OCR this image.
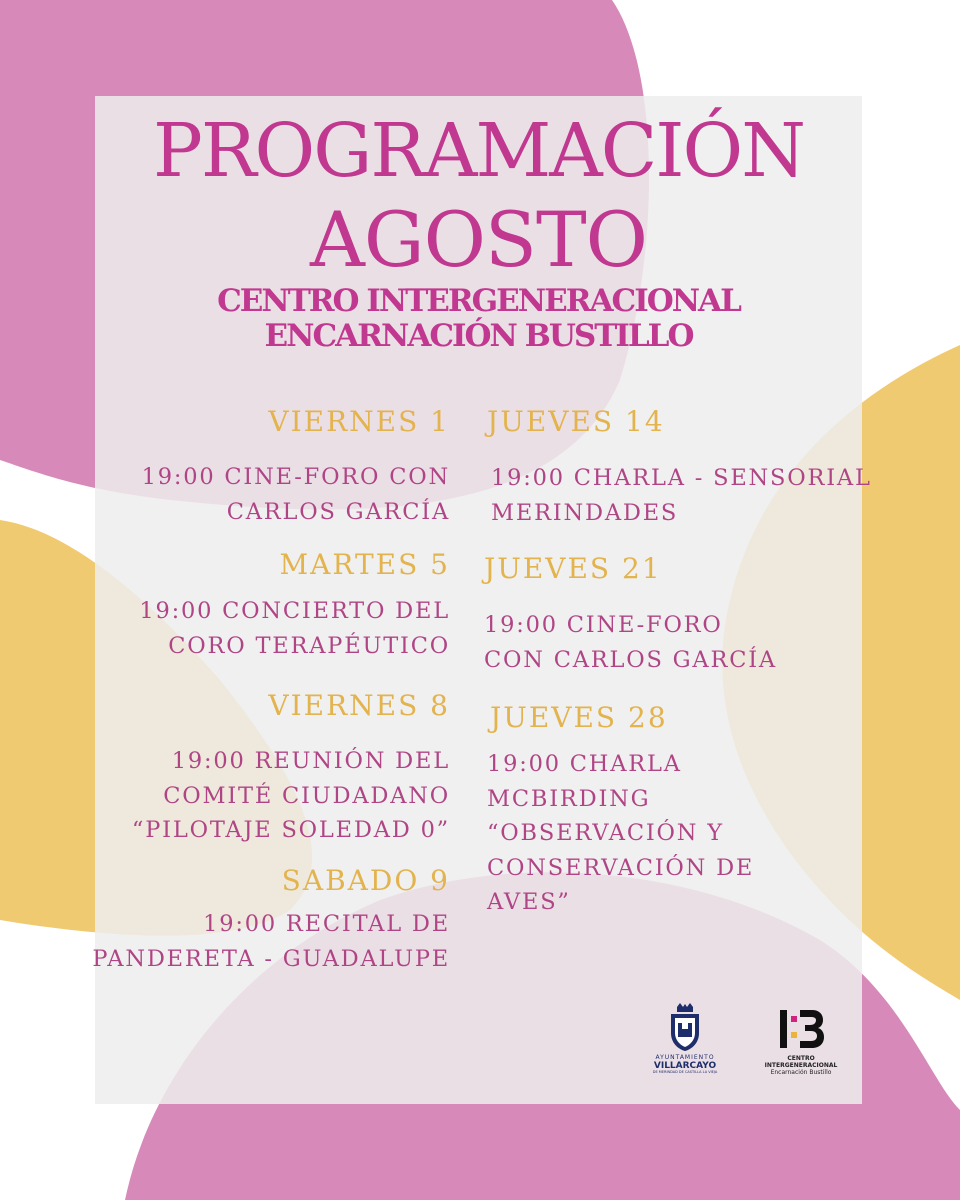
PROGRAMACIÓN
AGOSTO
CENTRO INTERGENERACIONAL
ENCARNACIÓN BUSTILLO
VIERNES 1
19:00 CINE-FORO CON
CARLOS GARCÍA
MARTES 5
19:00 CONCIERTO DEL
CORO TERAPÉUTICO
VIERNES 8
19:00 REUNIÓN DEL
COMITÉ CIUDADANO
“PILOTAJE SOLEDAD 0”
SABADO 9
19:00 RECITAL DE
PANDERETA - GUADALUPE
JUEVES 14
19:00 CHARLA - SENSORIAL
MERINDADES
JUEVES 21
19:00 CINE-FORO
CON CARLOS GARCÍA
JUEVES 28
19:00 CHARLA
MCBIRDING
“OBSERVACIÓN Y
CONSERVACIÓN DE
AVES”
AYUNTAMIENTO
VILLARCAYO
DE MERINDAD DE CASTILLA LA VIEJA
CENTRO
INTERGENERACIONAL
Encarnación Bustillo
